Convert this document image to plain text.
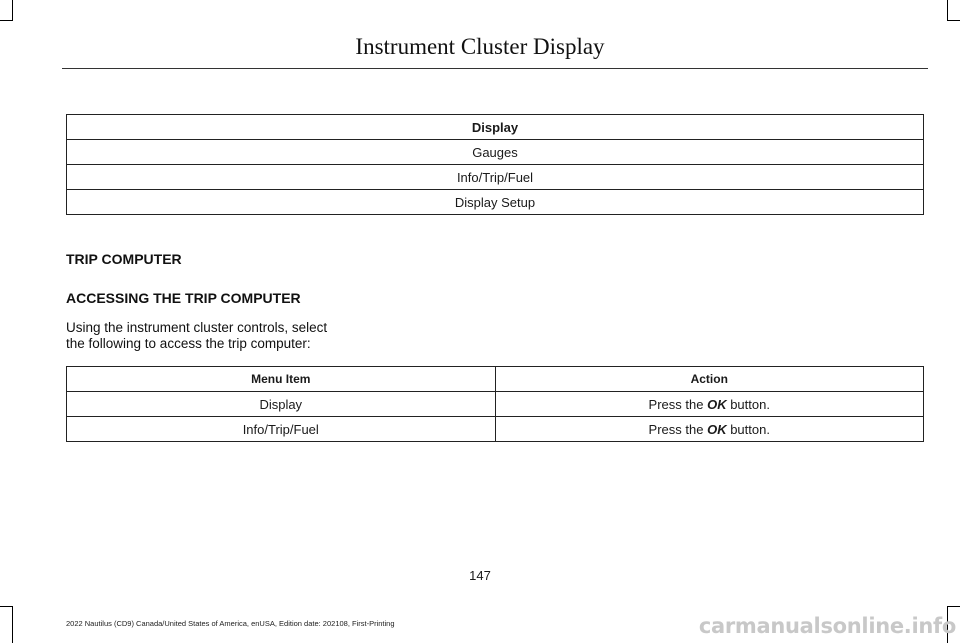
Instrument Cluster Display
Display
Gauges
Info/Trip/Fuel
Display Setup
TRIP COMPUTER
ACCESSING THE TRIP COMPUTER
Using the instrument cluster controls, select
the following to access the trip computer:
Menu Item	Action
Display	Press the OK button.
Info/Trip/Fuel	Press the OK button.
147
2022 Nautilus (CD9) Canada/United States of America, enUSA, Edition date: 202108, First-Printing	carmanualsonline.info
